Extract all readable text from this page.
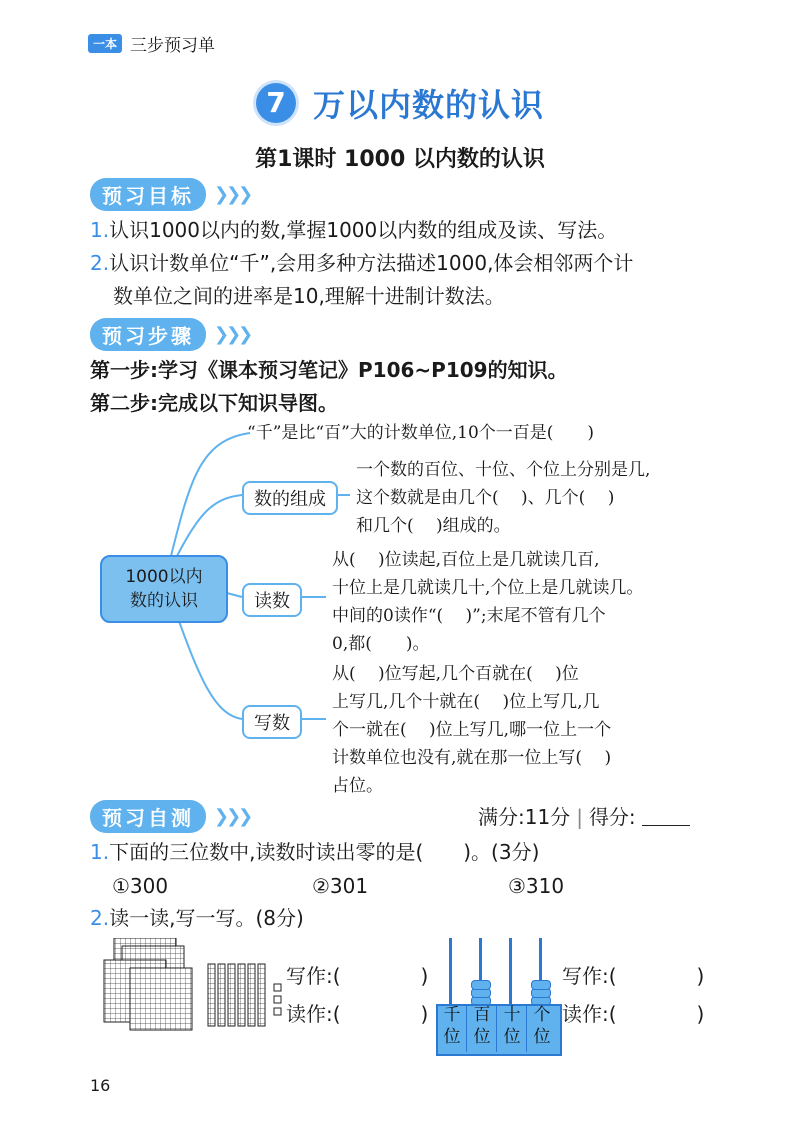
一本 三步预习单
7 万以内数的认识
第1课时 1000 以内数的认识
预习目标	❯❯❯
1.认识1000以内的数,掌握1000以内数的组成及读、写法。
2.认识计数单位“千”,会用多种方法描述1000,体会相邻两个计
数单位之间的进率是10,理解十进制计数法。
预习步骤	❯❯❯
第一步:学习《课本预习笔记》P106~P109的知识。
第二步:完成以下知识导图。
1000以内
数的认识
“千”是比“百”大的计数单位,10个一百是(　　)
数的组成
一个数的百位、十位、个位上分别是几,
这个数就是由几个(　 )、几个(　 )
和几个(　 )组成的。
读数
从(　 )位读起,百位上是几就读几百,
十位上是几就读几十,个位上是几就读几。
中间的0读作“(　 )”;末尾不管有几个
0,都(　　)。
写数
从(　 )位写起,几个百就在(　 )位
上写几,几个十就在(　 )位上写几,几
个一就在(　 )位上写几,哪一位上一个
计数单位也没有,就在那一位上写(　 )
占位。
预习自测	❯❯❯	满分:11分 | 得分:
1.下面的三位数中,读数时读出零的是(　　)。(3分)
①300	②301	③310
2.读一读,写一写。(8分)
写作:(　　　　)
读作:(　　　　) 千位
百位
十位
个位
写作:(　　　　)
读作:(　　　　)
16
